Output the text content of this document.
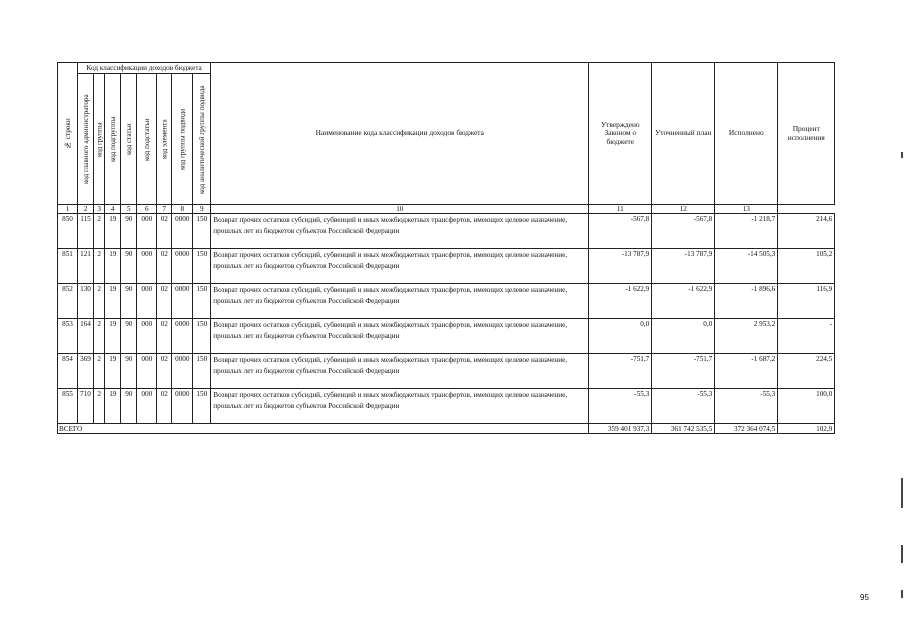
№ строки	Код классификации доходов бюджета								Наименование кода классификации доходов бюджета	Утверждено Законом о бюджете	Уточненный план	Исполнено	Процент исполнения
	код главного администратора	код группы	код подгруппы	код статьи	код подстатьи	код элемента	код группы подвида	код аналитической группы подвида					
1	2	3	4	5	6	7	8	9	10	11	12	13	
850	115	2	19	90	000	02	0000	150	Возврат прочих остатков субсидий, субвенций и иных межбюджетных трансфертов, имеющих целевое назначение, прошлых лет из бюджетов субъектов Российской Федерации	-567,8	-567,8	-1 218,7	214,6
851	121	2	19	90	000	02	0000	150	Возврат прочих остатков субсидий, субвенций и иных межбюджетных трансфертов, имеющих целевое назначение, прошлых лет из бюджетов субъектов Российской Федерации	-13 787,9	-13 787,9	-14 505,3	105,2
852	130	2	19	90	000	02	0000	150	Возврат прочих остатков субсидий, субвенций и иных межбюджетных трансфертов, имеющих целевое назначение, прошлых лет из бюджетов субъектов Российской Федерации	-1 622,9	-1 622,9	-1 896,6	116,9
853	164	2	19	90	000	02	0000	150	Возврат прочих остатков субсидий, субвенций и иных межбюджетных трансфертов, имеющих целевое назначение, прошлых лет из бюджетов субъектов Российской Федерации	0,0	0,0	2 953,2	-
854	369	2	19	90	000	02	0000	150	Возврат прочих остатков субсидий, субвенций и иных межбюджетных трансфертов, имеющих целевое назначение, прошлых лет из бюджетов субъектов Российской Федерации	-751,7	-751,7	-1 687,2	224,5
855	710	2	19	90	000	02	0000	150	Возврат прочих остатков субсидий, субвенций и иных межбюджетных трансфертов, имеющих целевое назначение, прошлых лет из бюджетов субъектов Российской Федерации	-55,3	-55,3	-55,3	100,0
ВСЕГО										359 401 937,3	361 742 535,5	372 364 074,5	102,9
95
